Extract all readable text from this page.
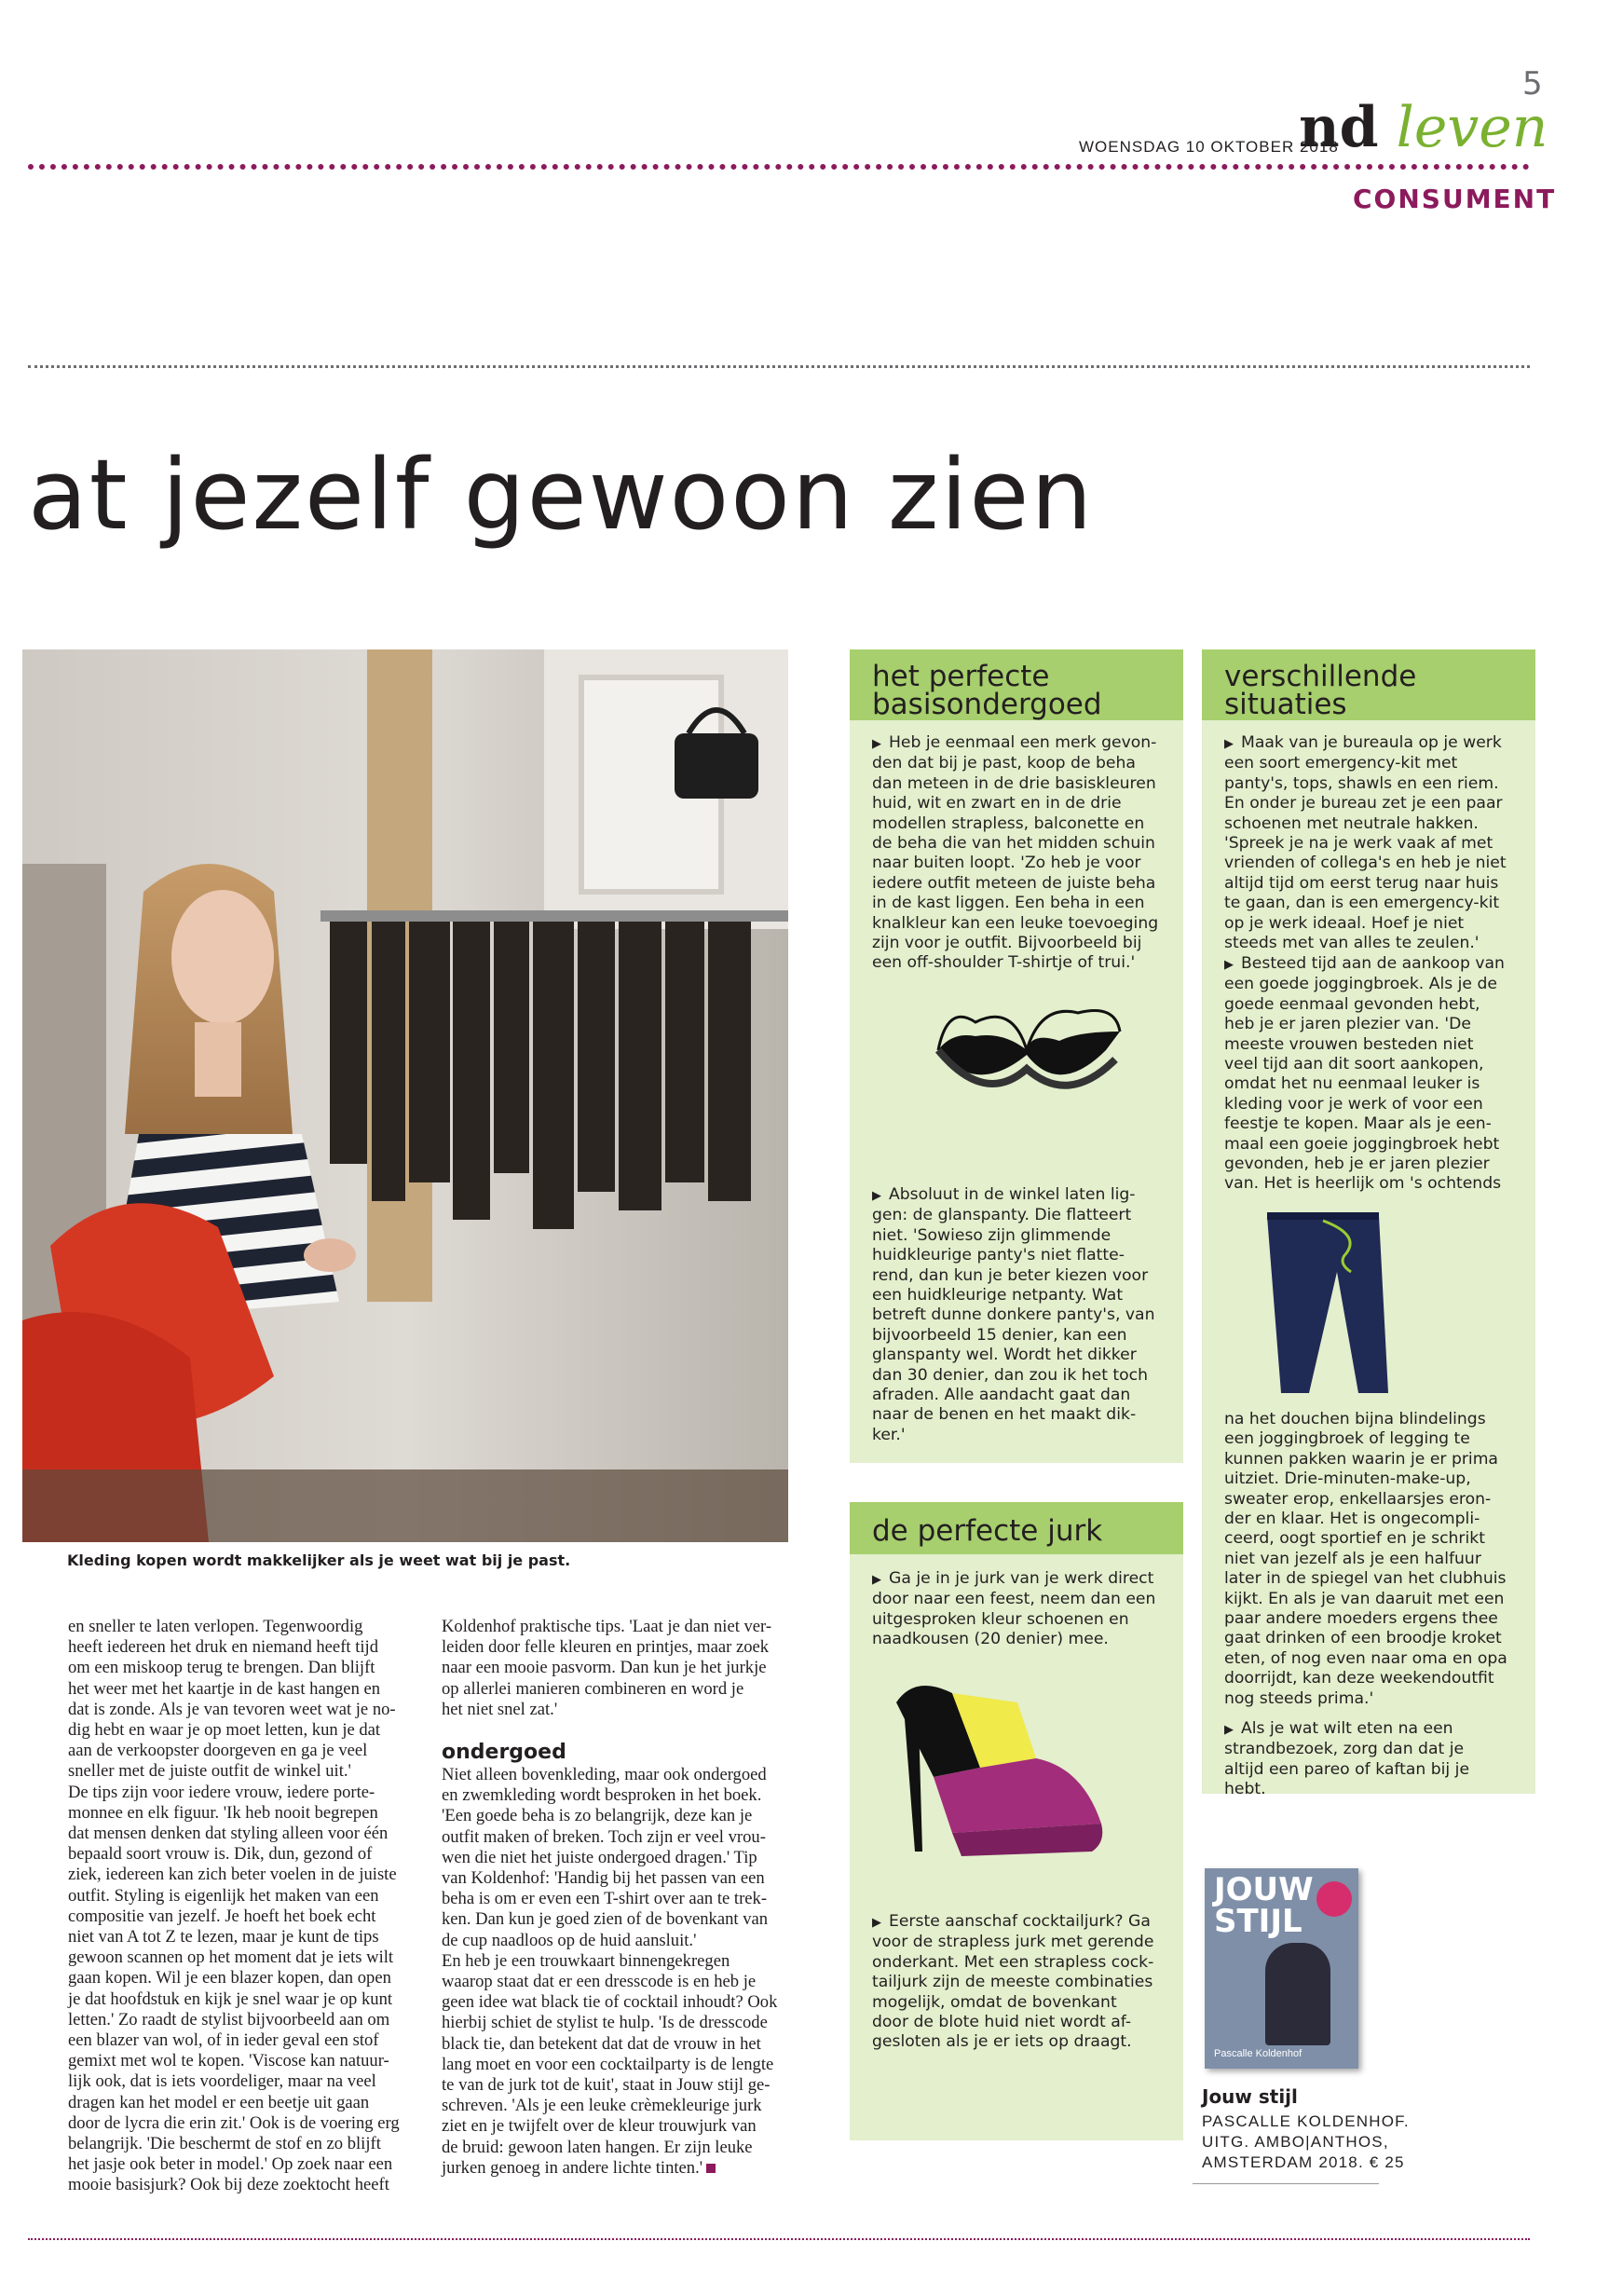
5
WOENSDAG 10 OKTOBER 2018
nd leven
CONSUMENT
at jezelf gewoon zien
Kleding kopen wordt makkelijker als je weet wat bij je past.
en sneller te laten verlopen. Tegenwoordig
heeft iedereen het druk en niemand heeft tijd
om een miskoop terug te brengen. Dan blijft
het weer met het kaartje in de kast hangen en
dat is zonde. Als je van tevoren weet wat je no-
dig hebt en waar je op moet letten, kun je dat
aan de verkoopster doorgeven en ga je veel
sneller met de juiste outfit de winkel uit.'
De tips zijn voor iedere vrouw, iedere porte-
monnee en elk figuur. 'Ik heb nooit begrepen
dat mensen denken dat styling alleen voor één
bepaald soort vrouw is. Dik, dun, gezond of
ziek, iedereen kan zich beter voelen in de juiste
outfit. Styling is eigenlijk het maken van een
compositie van jezelf. Je hoeft het boek echt
niet van A tot Z te lezen, maar je kunt de tips
gewoon scannen op het moment dat je iets wilt
gaan kopen. Wil je een blazer kopen, dan open
je dat hoofdstuk en kijk je snel waar je op kunt
letten.' Zo raadt de stylist bijvoorbeeld aan om
een blazer van wol, of in ieder geval een stof
gemixt met wol te kopen. 'Viscose kan natuur-
lijk ook, dat is iets voordeliger, maar na veel
dragen kan het model er een beetje uit gaan
door de lycra die erin zit.' Ook is de voering erg
belangrijk. 'Die beschermt de stof en zo blijft
het jasje ook beter in model.' Op zoek naar een
mooie basisjurk? Ook bij deze zoektocht heeft
Koldenhof praktische tips. 'Laat je dan niet ver-
leiden door felle kleuren en printjes, maar zoek
naar een mooie pasvorm. Dan kun je het jurkje
op allerlei manieren combineren en word je
het niet snel zat.'
ondergoed
Niet alleen bovenkleding, maar ook ondergoed
en zwemkleding wordt besproken in het boek.
'Een goede beha is zo belangrijk, deze kan je
outfit maken of breken. Toch zijn er veel vrou-
wen die niet het juiste ondergoed dragen.' Tip
van Koldenhof: 'Handig bij het passen van een
beha is om er even een T-shirt over aan te trek-
ken. Dan kun je goed zien of de bovenkant van
de cup naadloos op de huid aansluit.'
En heb je een trouwkaart binnengekregen
waarop staat dat er een dresscode is en heb je
geen idee wat black tie of cocktail inhoudt? Ook
hierbij schiet de stylist te hulp. 'Is de dresscode
black tie, dan betekent dat dat de vrouw in het
lang moet en voor een cocktailparty is de lengte
te van de jurk tot de kuit', staat in Jouw stijl ge-
schreven. 'Als je een leuke crèmekleurige jurk
ziet en je twijfelt over de kleur trouwjurk van
de bruid: gewoon laten hangen. Er zijn leuke
jurken genoeg in andere lichte tinten.'
het perfecte
basisondergoed
▶ Heb je eenmaal een merk gevon-
den dat bij je past, koop de beha
dan meteen in de drie basiskleuren
huid, wit en zwart en in de drie
modellen strapless, balconette en
de beha die van het midden schuin
naar buiten loopt. 'Zo heb je voor
iedere outfit meteen de juiste beha
in de kast liggen. Een beha in een
knalkleur kan een leuke toevoeging
zijn voor je outfit. Bijvoorbeeld bij
een off-shoulder T-shirtje of trui.'
▶ Absoluut in de winkel laten lig-
gen: de glanspanty. Die flatteert
niet. 'Sowieso zijn glimmende
huidkleurige panty's niet flatte-
rend, dan kun je beter kiezen voor
een huidkleurige netpanty. Wat
betreft dunne donkere panty's, van
bijvoorbeeld 15 denier, kan een
glanspanty wel. Wordt het dikker
dan 30 denier, dan zou ik het toch
afraden. Alle aandacht gaat dan
naar de benen en het maakt dik-
ker.'
de perfecte jurk
▶ Ga je in je jurk van je werk direct
door naar een feest, neem dan een
uitgesproken kleur schoenen en
naadkousen (20 denier) mee.
▶ Eerste aanschaf cocktailjurk? Ga
voor de strapless jurk met gerende
onderkant. Met een strapless cock-
tailjurk zijn de meeste combinaties
mogelijk, omdat de bovenkant
door de blote huid niet wordt af-
gesloten als je er iets op draagt.
verschillende
situaties
▶ Maak van je bureaula op je werk
een soort emergency-kit met
panty's, tops, shawls en een riem.
En onder je bureau zet je een paar
schoenen met neutrale hakken.
'Spreek je na je werk vaak af met
vrienden of collega's en heb je niet
altijd tijd om eerst terug naar huis
te gaan, dan is een emergency-kit
op je werk ideaal. Hoef je niet
steeds met van alles te zeulen.'
▶ Besteed tijd aan de aankoop van
een goede joggingbroek. Als je de
goede eenmaal gevonden hebt,
heb je er jaren plezier van. 'De
meeste vrouwen besteden niet
veel tijd aan dit soort aankopen,
omdat het nu eenmaal leuker is
kleding voor je werk of voor een
feestje te kopen. Maar als je een-
maal een goeie joggingbroek hebt
gevonden, heb je er jaren plezier
van. Het is heerlijk om 's ochtends
na het douchen bijna blindelings
een joggingbroek of legging te
kunnen pakken waarin je er prima
uitziet. Drie-minuten-make-up,
sweater erop, enkellaarsjes eron-
der en klaar. Het is ongecompli-
ceerd, oogt sportief en je schrikt
niet van jezelf als je een halfuur
later in de spiegel van het clubhuis
kijkt. En als je van daaruit met een
paar andere moeders ergens thee
gaat drinken of een broodje kroket
eten, of nog even naar oma en opa
doorrijdt, kan deze weekendoutfit
nog steeds prima.'
▶ Als je wat wilt eten na een
strandbezoek, zorg dan dat je
altijd een pareo of kaftan bij je
hebt.
JOUW
STIJL
Pascalle Koldenhof
Jouw stijl
PASCALLE KOLDENHOF.
UITG. AMBO|ANTHOS,
AMSTERDAM 2018. € 25
